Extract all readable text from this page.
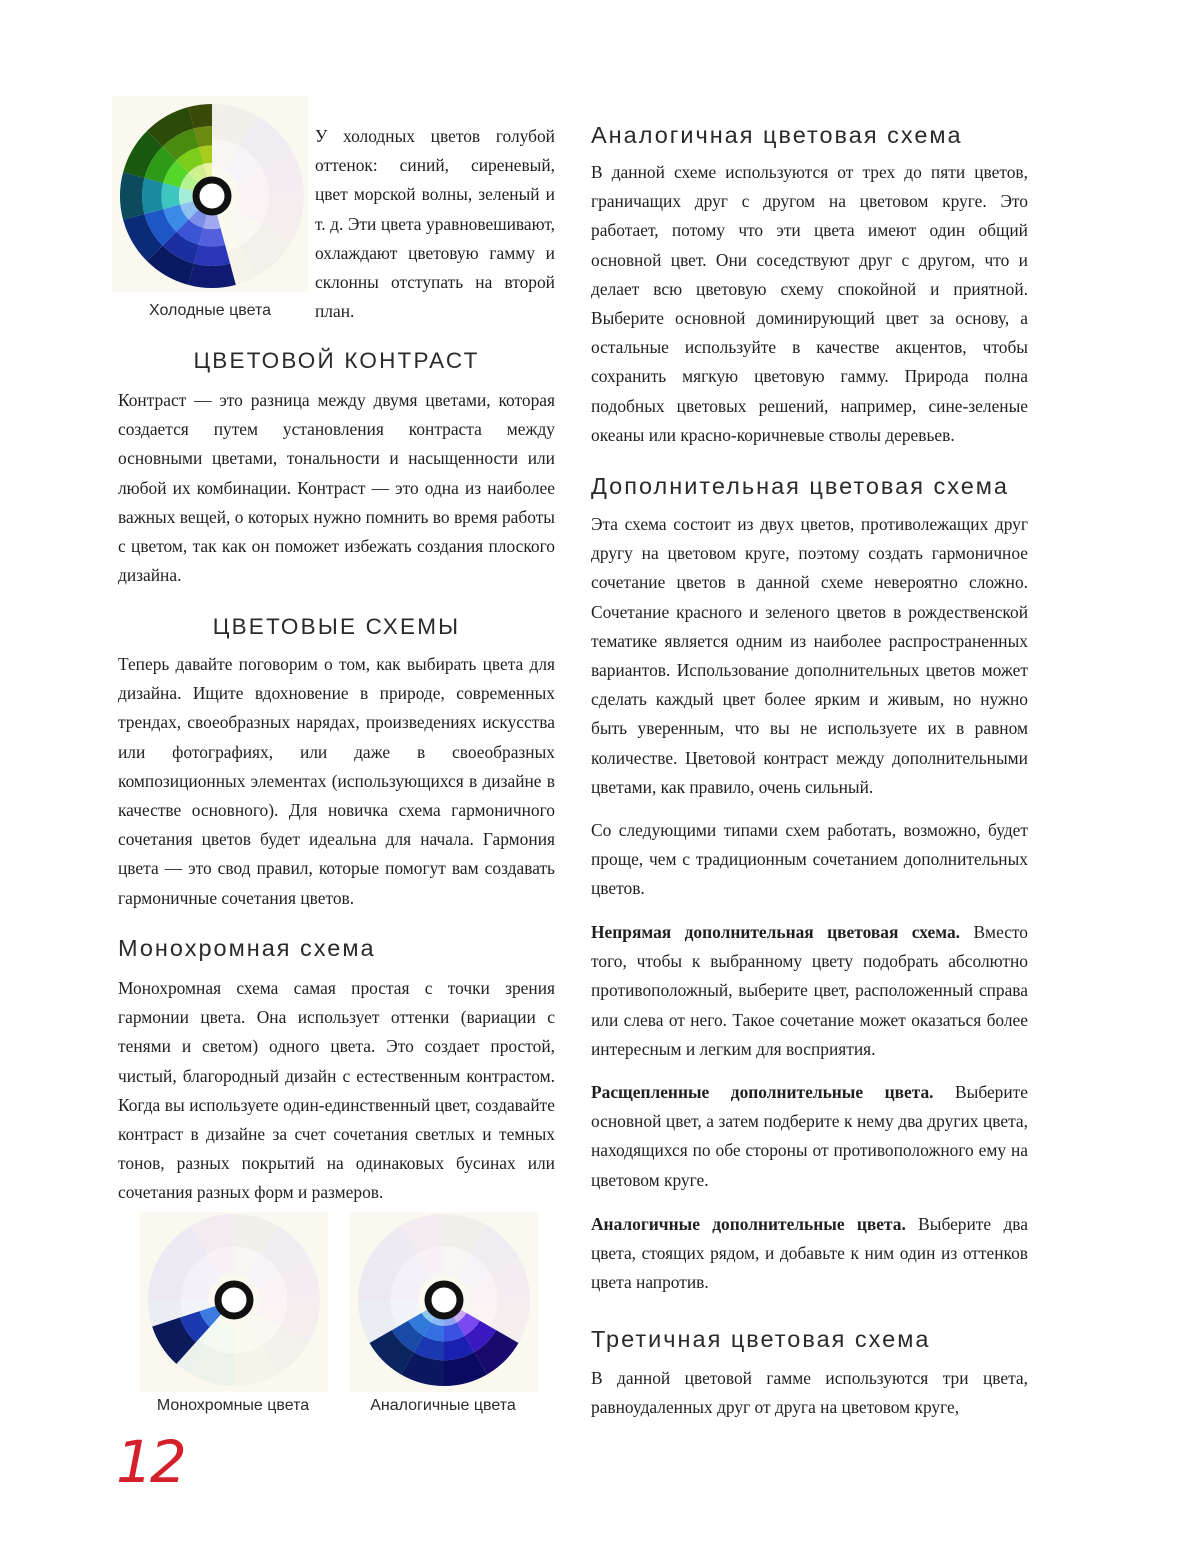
Холодные цвета

У холодных цветов голубой оттенок: синий, сиреневый, цвет морской волны, зеленый и т. д. Эти цвета уравновешивают, охлаждают цветовую гамму и склонны отступать на второй план.

ЦВЕТОВОЙ КОНТРАСТ

Контраст — это разница между двумя цветами, которая создается путем установления контраста между основными цветами, тональности и насыщенности или любой их комбинации. Контраст — это одна из наиболее важных вещей, о которых нужно помнить во время работы с цветом, так как он поможет избежать создания плоского дизайна.

ЦВЕТОВЫЕ СХЕМЫ

Теперь давайте поговорим о том, как выбирать цвета для дизайна. Ищите вдохновение в природе, современных трендах, своеобразных нарядах, произведениях искусства или фотографиях, или даже в своеобразных композиционных элементах (использующихся в дизайне в качестве основного). Для новичка схема гармоничного сочетания цветов будет идеальна для начала. Гармония цвета — это свод правил, которые помогут вам создавать гармоничные сочетания цветов.

Монохромная схема

Монохромная схема самая простая с точки зрения гармонии цвета. Она использует оттенки (вариации с тенями и светом) одного цвета. Это создает простой, чистый, благородный дизайн с естественным контрастом. Когда вы используете один-единственный цвет, создавайте контраст в дизайне за счет сочетания светлых и темных тонов, разных покрытий на одинаковых бусинах или сочетания разных форм и размеров.

Монохромные цвета	Аналогичные цвета
Аналогичная цветовая схема

В данной схеме используются от трех до пяти цветов, граничащих друг с другом на цветовом круге. Это работает, потому что эти цвета имеют один общий основной цвет. Они соседствуют друг с другом, что и делает всю цветовую схему спокойной и приятной. Выберите основной доминирующий цвет за основу, а остальные используйте в качестве акцентов, чтобы сохранить мягкую цветовую гамму. Природа полна подобных цветовых решений, например, сине-зеленые океаны или красно-коричневые стволы деревьев.

Дополнительная цветовая схема

Эта схема состоит из двух цветов, противолежащих друг другу на цветовом круге, поэтому создать гармоничное сочетание цветов в данной схеме невероятно сложно. Сочетание красного и зеленого цветов в рождественской тематике является одним из наиболее распространенных вариантов. Использование дополнительных цветов может сделать каждый цвет более ярким и живым, но нужно быть уверенным, что вы не используете их в равном количестве. Цветовой контраст между дополнительными цветами, как правило, очень сильный.

Со следующими типами схем работать, возможно, будет проще, чем с традиционным сочетанием дополнительных цветов.

Непрямая дополнительная цветовая схема. Вместо того, чтобы к выбранному цвету подобрать абсолютно противоположный, выберите цвет, расположенный справа или слева от него. Такое сочетание может оказаться более интересным и легким для восприятия.

Расщепленные дополнительные цвета. Выберите основной цвет, а затем подберите к нему два других цвета, находящихся по обе стороны от противоположного ему на цветовом круге.

Аналогичные дополнительные цвета. Выберите два цвета, стоящих рядом, и добавьте к ним один из оттенков цвета напротив.

Третичная цветовая схема

В данной цветовой гамме используются три цвета, равноудаленных друг от друга на цветовом круге,

12
